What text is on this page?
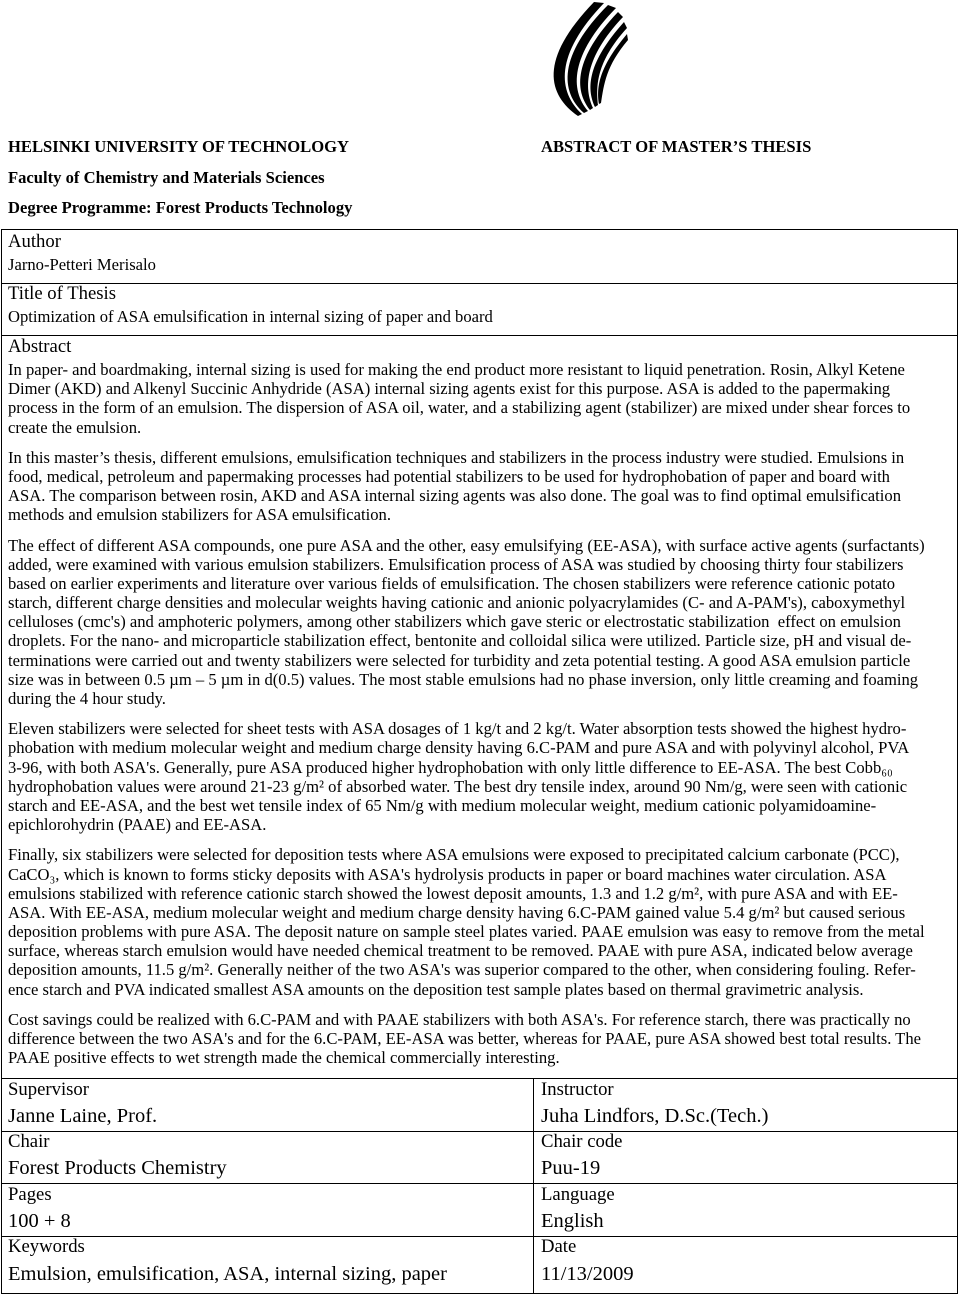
HELSINKI UNIVERSITY OF TECHNOLOGY	ABSTRACT OF MASTER’S THESIS
Faculty of Chemistry and Materials Sciences
Degree Programme: Forest Products Technology
Author
Jarno-Petteri Merisalo
Title of Thesis
Optimization of ASA emulsification in internal sizing of paper and board
Abstract
In paper- and boardmaking, internal sizing is used for making the end product more resistant to liquid penetration. Rosin, Alkyl Ketene
Dimer (AKD) and Alkenyl Succinic Anhydride (ASA) internal sizing agents exist for this purpose. ASA is added to the papermaking
process in the form of an emulsion. The dispersion of ASA oil, water, and a stabilizing agent (stabilizer) are mixed under shear forces to
create the emulsion.
In this master’s thesis, different emulsions, emulsification techniques and stabilizers in the process industry were studied. Emulsions in
food, medical, petroleum and papermaking processes had potential stabilizers to be used for hydrophobation of paper and board with
ASA. The comparison between rosin, AKD and ASA internal sizing agents was also done. The goal was to find optimal emulsification
methods and emulsion stabilizers for ASA emulsification.
The effect of different ASA compounds, one pure ASA and the other, easy emulsifying (EE-ASA), with surface active agents (surfactants)
added, were examined with various emulsion stabilizers. Emulsification process of ASA was studied by choosing thirty four stabilizers
based on earlier experiments and literature over various fields of emulsification. The chosen stabilizers were reference cationic potato
starch, different charge densities and molecular weights having cationic and anionic polyacrylamides (C- and A-PAM's), caboxymethyl
celluloses (cmc's) and amphoteric polymers, among other stabilizers which gave steric or electrostatic stabilization  effect on emulsion
droplets. For the nano- and microparticle stabilization effect, bentonite and colloidal silica were utilized. Particle size, pH and visual de-
terminations were carried out and twenty stabilizers were selected for turbidity and zeta potential testing. A good ASA emulsion particle
size was in between 0.5 µm – 5 µm in d(0.5) values. The most stable emulsions had no phase inversion, only little creaming and foaming
during the 4 hour study.
Eleven stabilizers were selected for sheet tests with ASA dosages of 1 kg/t and 2 kg/t. Water absorption tests showed the highest hydro-
phobation with medium molecular weight and medium charge density having 6.C-PAM and pure ASA and with polyvinyl alcohol, PVA
3-96, with both ASA's. Generally, pure ASA produced higher hydrophobation with only little difference to EE-ASA. The best Cobb₆₀
hydrophobation values were around 21-23 g/m² of absorbed water. The best dry tensile index, around 90 Nm/g, were seen with cationic
starch and EE-ASA, and the best wet tensile index of 65 Nm/g with medium molecular weight, medium cationic polyamidoamine-
epichlorohydrin (PAAE) and EE-ASA.
Finally, six stabilizers were selected for deposition tests where ASA emulsions were exposed to precipitated calcium carbonate (PCC),
CaCO₃, which is known to forms sticky deposits with ASA's hydrolysis products in paper or board machines water circulation. ASA
emulsions stabilized with reference cationic starch showed the lowest deposit amounts, 1.3 and 1.2 g/m², with pure ASA and with EE-
ASA. With EE-ASA, medium molecular weight and medium charge density having 6.C-PAM gained value 5.4 g/m² but caused serious
deposition problems with pure ASA. The deposit nature on sample steel plates varied. PAAE emulsion was easy to remove from the metal
surface, whereas starch emulsion would have needed chemical treatment to be removed. PAAE with pure ASA, indicated below average
deposition amounts, 11.5 g/m². Generally neither of the two ASA's was superior compared to the other, when considering fouling. Refer-
ence starch and PVA indicated smallest ASA amounts on the deposition test sample plates based on thermal gravimetric analysis.
Cost savings could be realized with 6.C-PAM and with PAAE stabilizers with both ASA's. For reference starch, there was practically no
difference between the two ASA's and for the 6.C-PAM, EE-ASA was better, whereas for PAAE, pure ASA showed best total results. The
PAAE positive effects to wet strength made the chemical commercially interesting.
Supervisor
Janne Laine, Prof.
Chair
Forest Products Chemistry
Pages
100 + 8
Keywords
Emulsion, emulsification, ASA, internal sizing, paper
Instructor
Juha Lindfors, D.Sc.(Tech.)
Chair code
Puu-19
Language
English
Date
11/13/2009
